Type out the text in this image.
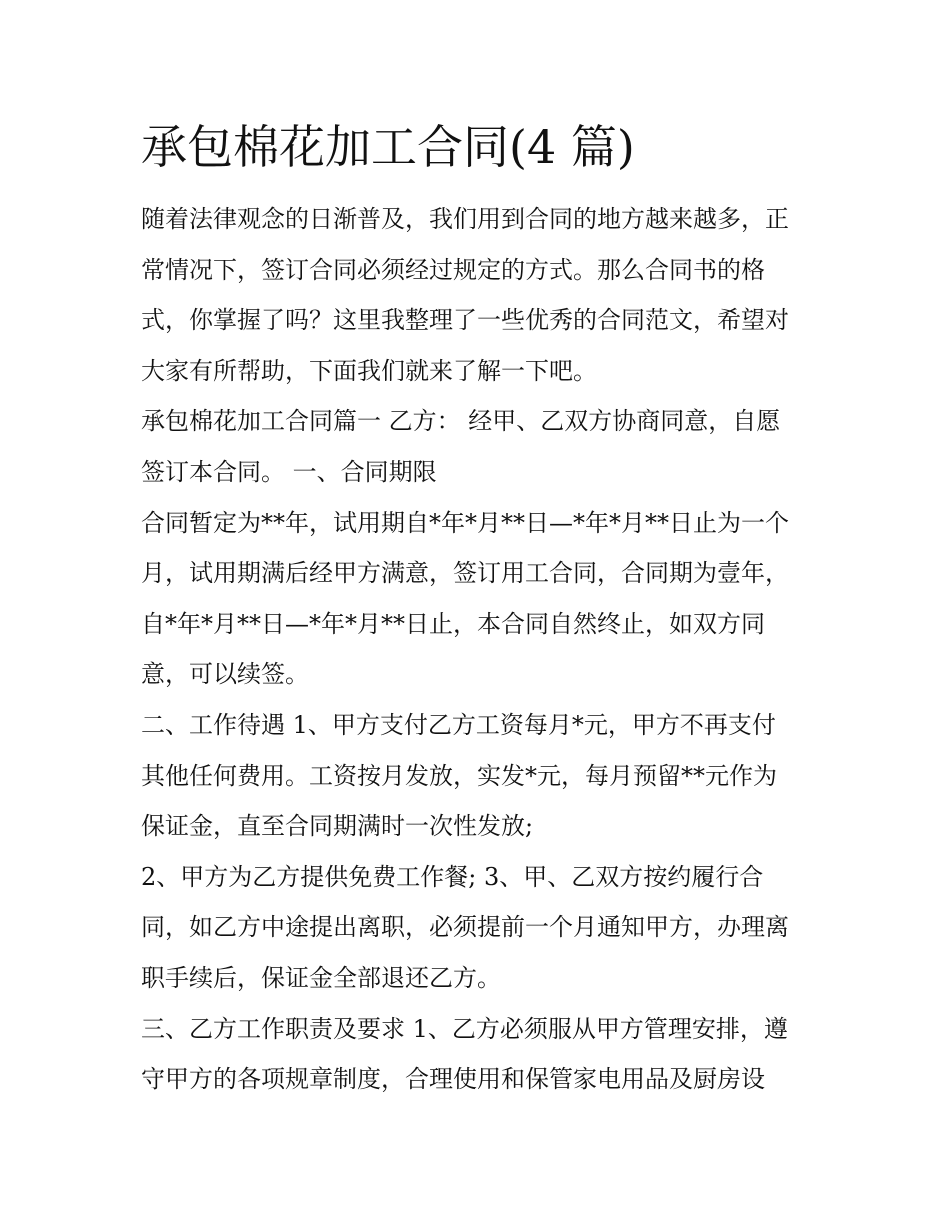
承包棉花加工合同(4 篇)
随着法律观念的日渐普及，我们用到合同的地方越来越多，正
常情况下，签订合同必须经过规定的方式。那么合同书的格
式，你掌握了吗？这里我整理了一些优秀的合同范文，希望对
大家有所帮助，下面我们就来了解一下吧。
承包棉花加工合同篇一 乙方： 经甲、乙双方协商同意，自愿
签订本合同。 一、合同期限
合同暂定为**年，试用期自*年*月**日—*年*月**日止为一个
月，试用期满后经甲方满意，签订用工合同，合同期为壹年，
自*年*月**日—*年*月**日止，本合同自然终止，如双方同
意，可以续签。
二、工作待遇 1、甲方支付乙方工资每月*元，甲方不再支付
其他任何费用。工资按月发放，实发*元，每月预留**元作为
保证金，直至合同期满时一次性发放;
2、甲方为乙方提供免费工作餐; 3、甲、乙双方按约履行合
同，如乙方中途提出离职，必须提前一个月通知甲方，办理离
职手续后，保证金全部退还乙方。
三、乙方工作职责及要求 1、乙方必须服从甲方管理安排，遵
守甲方的各项规章制度，合理使用和保管家电用品及厨房设
